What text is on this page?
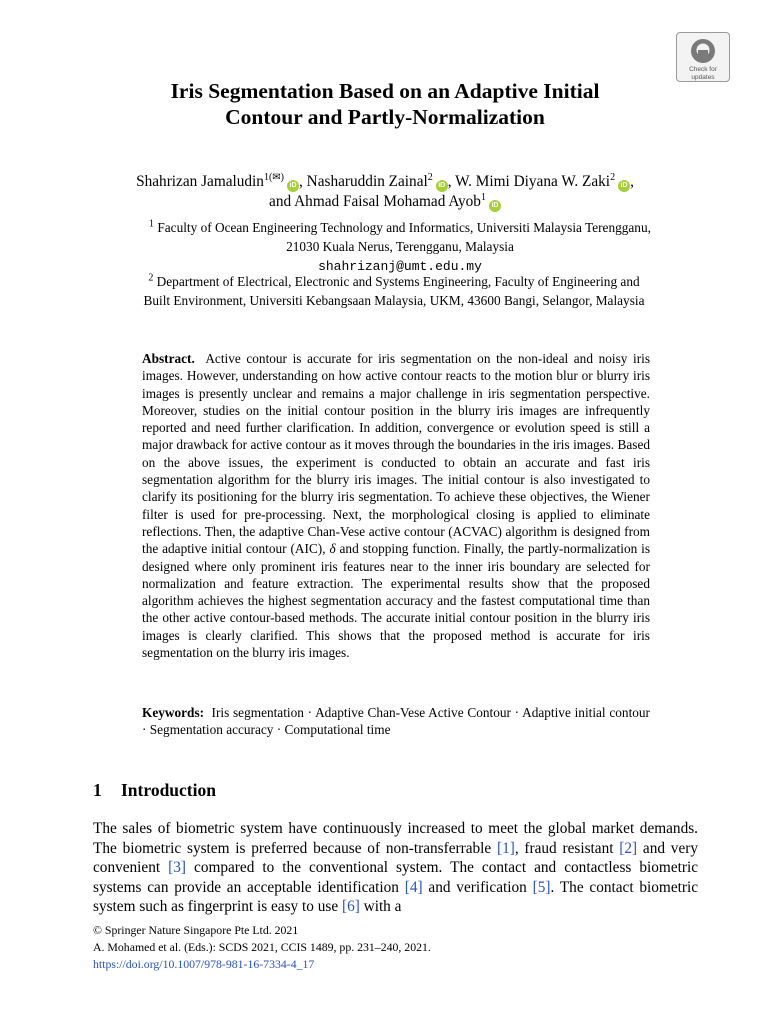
Check for
updates
Iris Segmentation Based on an Adaptive Initial
Contour and Partly-Normalization
Shahrizan Jamaludin$^{1(✉)}$iD , Nasharuddin Zainal$^2$iD , W. Mimi Diyana W. Zaki$^2$iD ,
and Ahmad Faisal Mohamad Ayob$^1$iD
$^1$ Faculty of Ocean Engineering Technology and Informatics, Universiti Malaysia Terengganu,
21030 Kuala Nerus, Terengganu, Malaysia
shahrizanj@umt.edu.my
$^2$ Department of Electrical, Electronic and Systems Engineering, Faculty of Engineering and
Built Environment, Universiti Kebangsaan Malaysia, UKM, 43600 Bangi, Selangor, Malaysia
Abstract. Active contour is accurate for iris segmentation on the non-ideal and noisy iris images. However, understanding on how active contour reacts to the motion blur or blurry iris images is presently unclear and remains a major challenge in iris segmentation perspective. Moreover, studies on the initial contour position in the blurry iris images are infrequently reported and need further clarification. In addition, convergence or evolution speed is still a major drawback for active contour as it moves through the boundaries in the iris images. Based on the above issues, the experiment is conducted to obtain an accurate and fast iris segmentation algorithm for the blurry iris images. The initial contour is also investigated to clarify its positioning for the blurry iris segmentation. To achieve these objectives, the Wiener filter is used for pre-processing. Next, the morphological closing is applied to eliminate reflections. Then, the adaptive Chan-Vese active contour (ACVAC) algorithm is designed from the adaptive initial contour (AIC), δ and stopping function. Finally, the partly-normalization is designed where only prominent iris features near to the inner iris boundary are selected for normalization and feature extraction. The experimental results show that the proposed algorithm achieves the highest segmentation accuracy and the fastest computational time than the other active contour-based methods. The accurate initial contour position in the blurry iris images is clearly clarified. This shows that the proposed method is accurate for iris segmentation on the blurry iris images.
Keywords: Iris segmentation · Adaptive Chan-Vese Active Contour · Adaptive initial contour · Segmentation accuracy · Computational time
1 Introduction
The sales of biometric system have continuously increased to meet the global market demands. The biometric system is preferred because of non-transferrable [1], fraud resistant [2] and very convenient [3] compared to the conventional system. The contact and contactless biometric systems can provide an acceptable identification [4] and verification [5]. The contact biometric system such as fingerprint is easy to use [6] with a
© Springer Nature Singapore Pte Ltd. 2021
A. Mohamed et al. (Eds.): SCDS 2021, CCIS 1489, pp. 231–240, 2021.
https://doi.org/10.1007/978-981-16-7334-4_17
